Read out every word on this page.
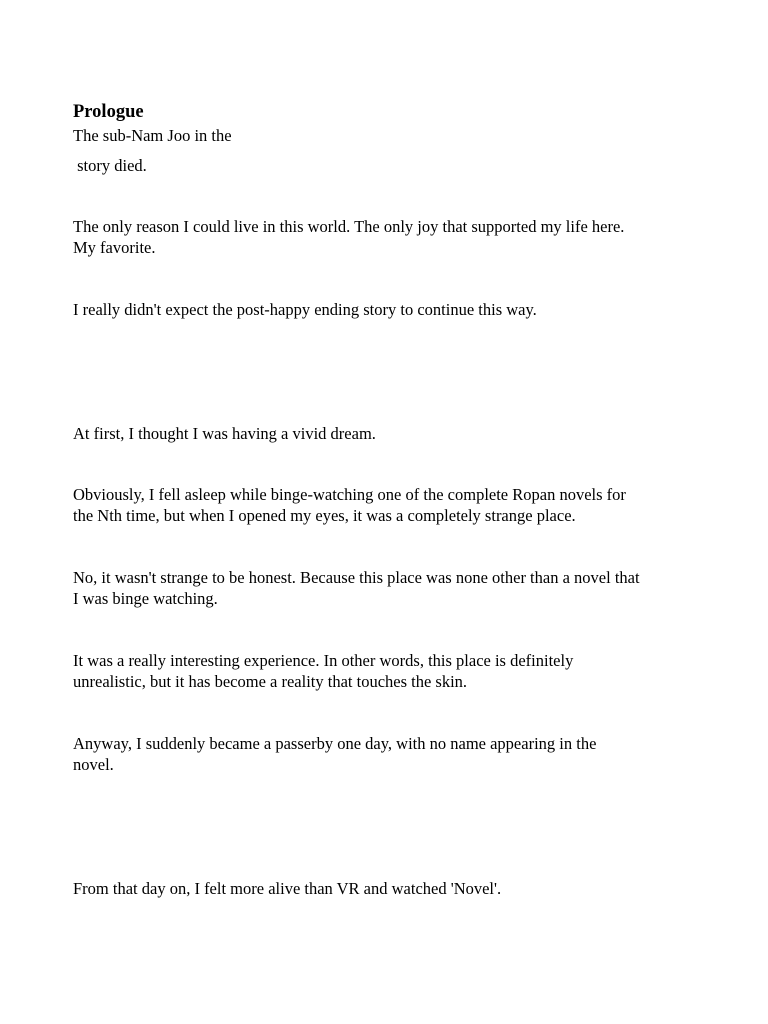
Prologue

The sub-Nam Joo in the

story died.

The only reason I could live in this world. The only joy that supported my life here.

My favorite.

I really didn't expect the post-happy ending story to continue this way.

At first, I thought I was having a vivid dream.

Obviously, I fell asleep while binge-watching one of the complete Ropan novels for

the Nth time, but when I opened my eyes, it was a completely strange place.

No, it wasn't strange to be honest. Because this place was none other than a novel that

I was binge watching.

It was a really interesting experience. In other words, this place is definitely

unrealistic, but it has become a reality that touches the skin.

Anyway, I suddenly became a passerby one day, with no name appearing in the

novel.

From that day on, I felt more alive than VR and watched 'Novel'.
